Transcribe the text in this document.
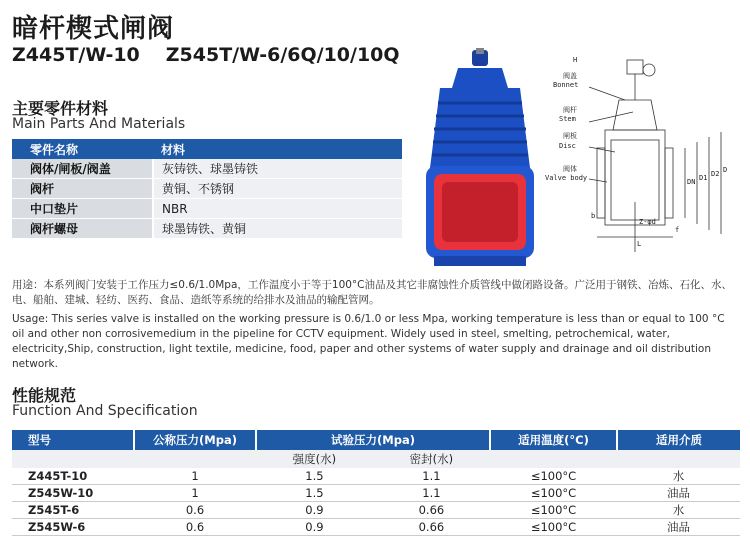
暗杆楔式闸阀
Z445T/W-10 Z545T/W-6/6Q/10/10Q
主要零件材料
Main Parts And Materials
零件名称	材料
阀体/闸板/阀盖	灰铸铁、球墨铸铁
阀杆	黄铜、不锈钢
中口垫片	NBR
阀杆螺母	球墨铸铁、黄铜
阀盖
Bonnet
阀杆
Stem
闸板
Disc
阀体
Valve body	DN D1 D2 D
b
L
f
H
Z-φd
用途：本系列阀门安装于工作压力≤0.6/1.0Mpa，工作温度小于等于100°C油品及其它非腐蚀性介质管线中做闭路设备。广泛用于钢铁、冶炼、石化、水、电、船舶、建城、轻纺、医药、食品、造纸等系统的给排水及油品的输配管网。
Usage: This series valve is installed on the working pressure is 0.6/1.0 or less Mpa, working temperature is less than or equal to 100 °C oil and other non corrosivemedium in the pipeline for CCTV equipment. Widely used in steel, smelting, petrochemical, water, electricity,Ship, construction, light textile, medicine, food, paper and other systems of water supply and drainage and oil distribution network.
性能规范
Function And Specification
型号	公称压力(Mpa)	试验压力(Mpa)		适用温度(°C)	适用介质
		强度(水)	密封(水)		
Z445T-10	1	1.5	1.1	≤100°C	水
Z545W-10	1	1.5	1.1	≤100°C	油品
Z545T-6	0.6	0.9	0.66	≤100°C	水
Z545W-6	0.6	0.9	0.66	≤100°C	油品
